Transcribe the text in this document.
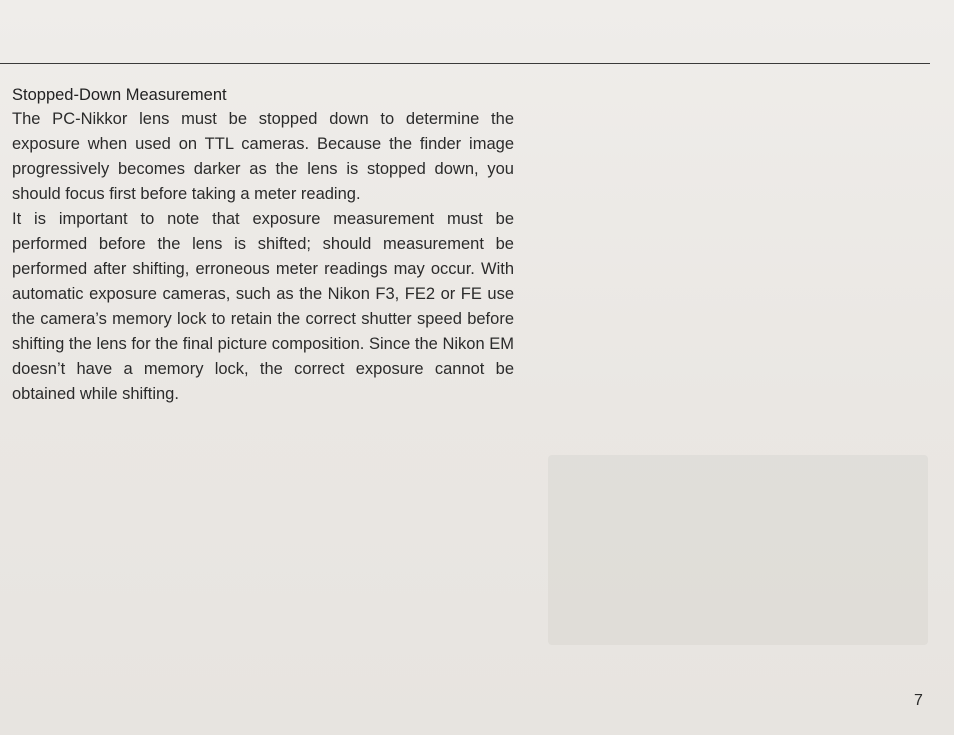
Stopped-Down Measurement

The PC-Nikkor lens must be stopped down to determine the exposure when used on TTL cameras. Because the finder image progressively becomes darker as the lens is stopped down, you should focus first before taking a meter reading.

It is important to note that exposure measurement must be performed before the lens is shifted; should measurement be performed after shifting, erroneous meter readings may occur. With automatic exposure cameras, such as the Nikon F3, FE2 or FE use the camera’s memory lock to retain the correct shutter speed before shifting the lens for the final picture composition. Since the Nikon EM doesn’t have a memory lock, the correct exposure cannot be obtained while shifting.

7
